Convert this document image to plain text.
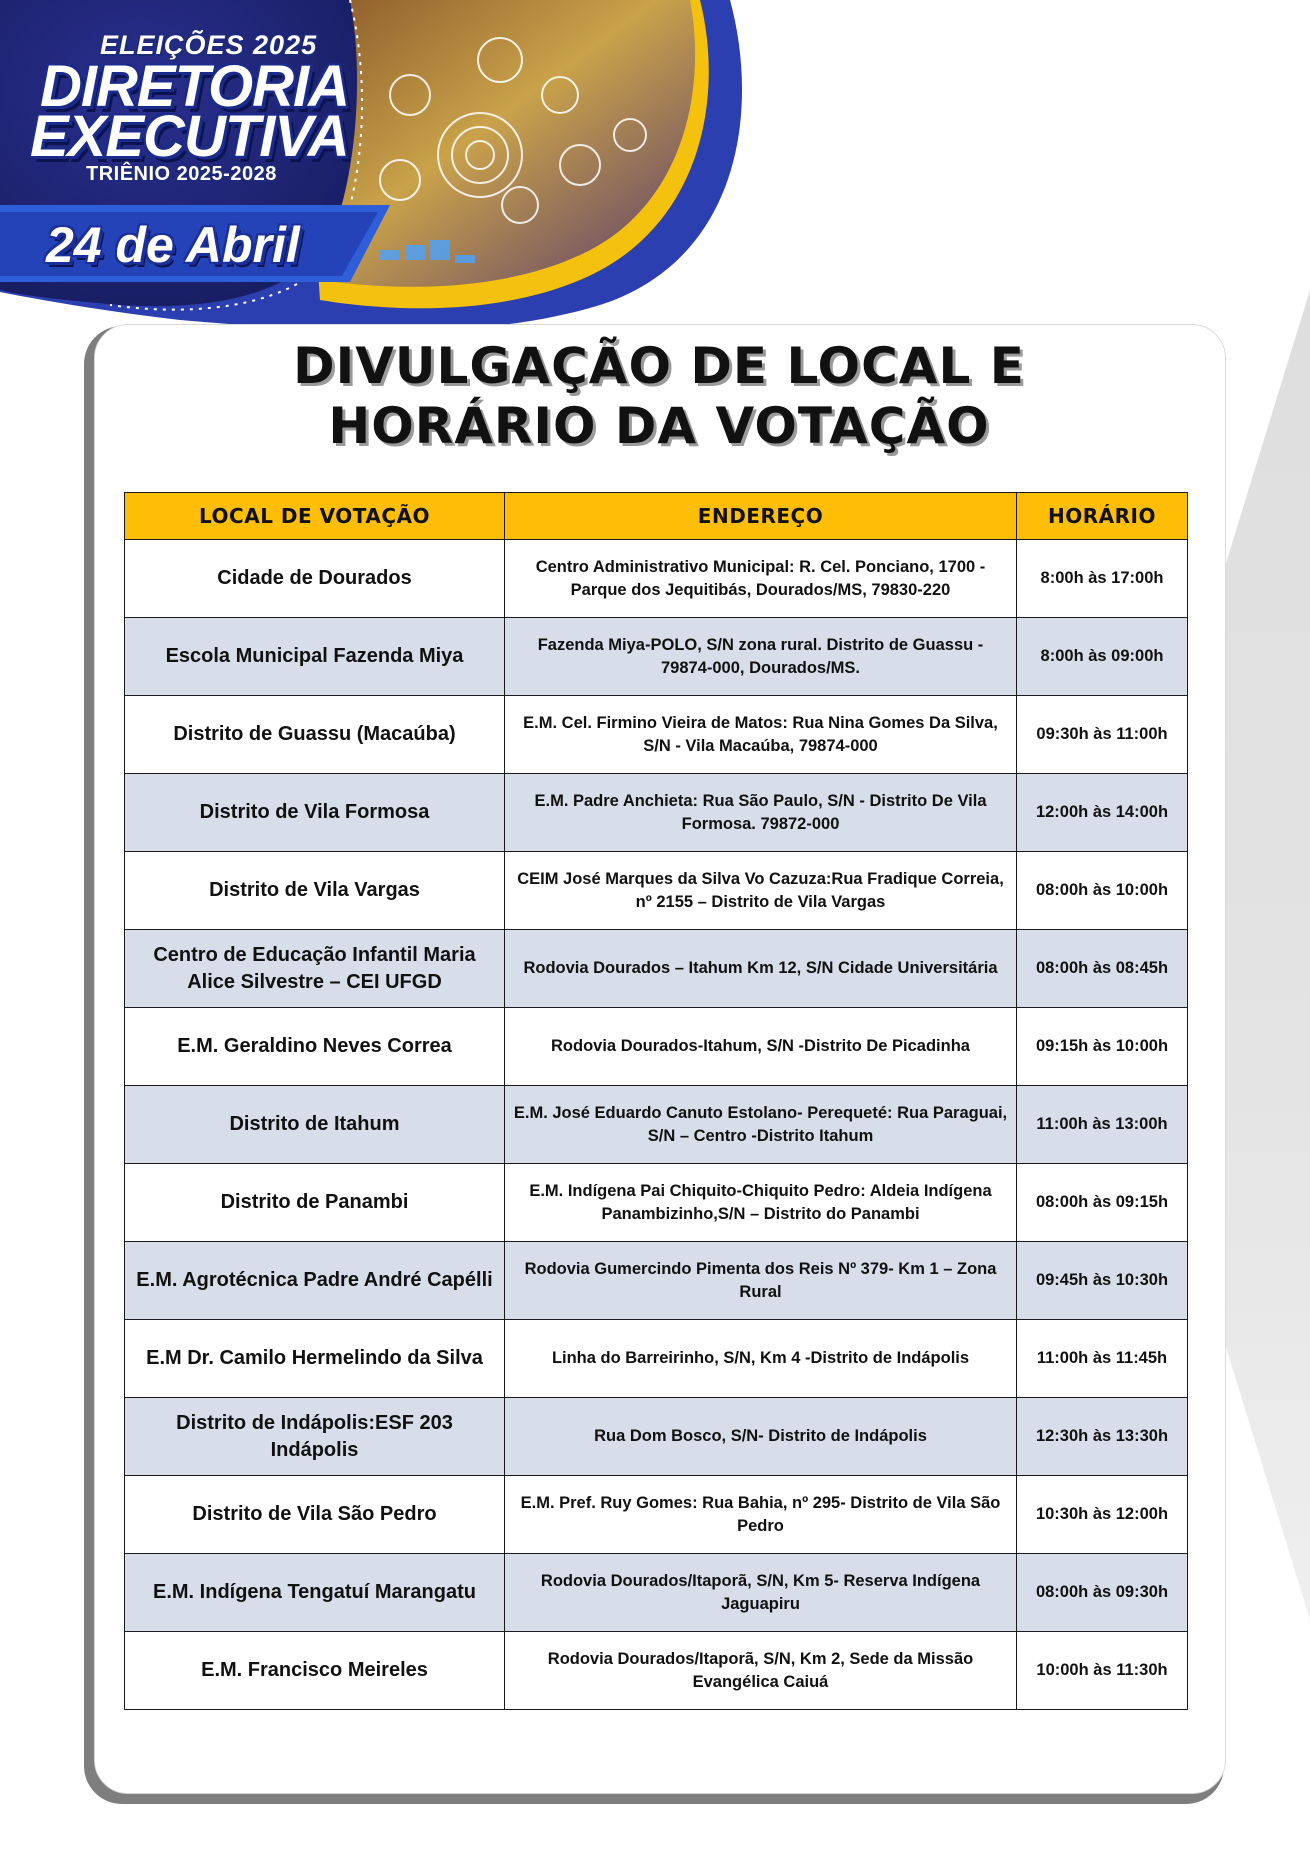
ELEIÇÕES 2025
DIRETORIA
EXECUTIVA
TRIÊNIO 2025-2028
24 de Abril
DIVULGAÇÃO DE LOCAL E
HORÁRIO DA VOTAÇÃO
LOCAL DE VOTAÇÃO	ENDEREÇO	HORÁRIO
Cidade de Dourados	Centro Administrativo Municipal: R. Cel. Ponciano, 1700 - Parque dos Jequitibás, Dourados/MS, 79830-220	8:00h às 17:00h
Escola Municipal Fazenda Miya	Fazenda Miya-POLO, S/N zona rural. Distrito de Guassu - 79874-000, Dourados/MS.	8:00h às 09:00h
Distrito de Guassu (Macaúba)	E.M. Cel. Firmino Vieira de Matos: Rua Nina Gomes Da Silva, S/N - Vila Macaúba, 79874-000	09:30h às 11:00h
Distrito de Vila Formosa	E.M. Padre Anchieta: Rua São Paulo, S/N - Distrito De Vila Formosa. 79872-000	12:00h às 14:00h
Distrito de Vila Vargas	CEIM José Marques da Silva Vo Cazuza:Rua Fradique Correia, nº 2155 – Distrito de Vila Vargas	08:00h às 10:00h
Centro de Educação Infantil Maria Alice Silvestre – CEI UFGD	Rodovia Dourados – Itahum Km 12, S/N Cidade Universitária	08:00h às 08:45h
E.M. Geraldino Neves Correa	Rodovia Dourados-Itahum, S/N -Distrito De Picadinha	09:15h às 10:00h
Distrito de Itahum	E.M. José Eduardo Canuto Estolano- Perequeté: Rua Paraguai, S/N – Centro -Distrito Itahum	11:00h às 13:00h
Distrito de Panambi	E.M. Indígena Pai Chiquito-Chiquito Pedro: Aldeia Indígena Panambizinho,S/N – Distrito do Panambi	08:00h às 09:15h
E.M. Agrotécnica Padre André Capélli	Rodovia Gumercindo Pimenta dos Reis Nº 379- Km 1 – Zona Rural	09:45h às 10:30h
E.M Dr. Camilo Hermelindo da Silva	Linha do Barreirinho, S/N, Km 4 -Distrito de Indápolis	11:00h às 11:45h
Distrito de Indápolis:ESF 203 Indápolis	Rua Dom Bosco, S/N- Distrito de Indápolis	12:30h às 13:30h
Distrito de Vila São Pedro	E.M. Pref. Ruy Gomes: Rua Bahia, nº 295- Distrito de Vila São Pedro	10:30h às 12:00h
E.M. Indígena Tengatuí Marangatu	Rodovia Dourados/Itaporã, S/N, Km 5- Reserva Indígena Jaguapiru	08:00h às 09:30h
E.M. Francisco Meireles	Rodovia Dourados/Itaporã, S/N, Km 2, Sede da Missão Evangélica Caiuá	10:00h às 11:30h
